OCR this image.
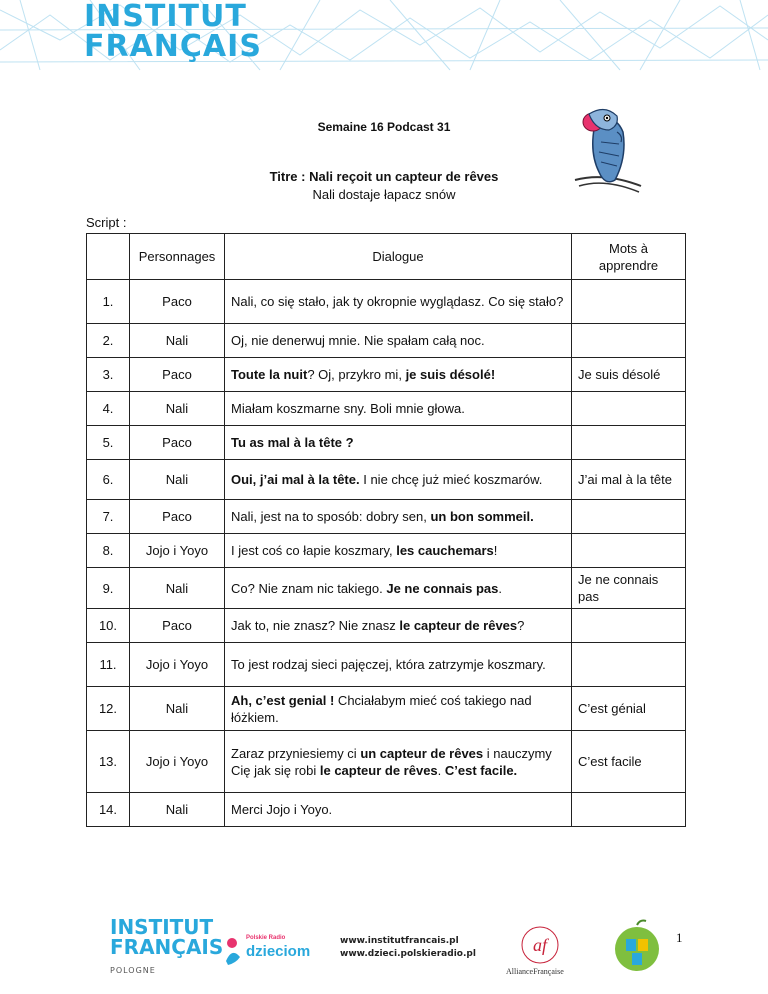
INSTITUT
FRANÇAIS
Semaine 16 Podcast 31
Titre : Nali reçoit un capteur de rêves
Nali dostaje łapacz snów
Script :
	Personnages	Dialogue	Mots à apprendre
1.	Paco	Nali, co się stało, jak ty okropnie wyglądasz. Co się stało?	
2.	Nali	Oj, nie denerwuj mnie. Nie spałam całą noc.	
3.	Paco	Toute la nuit? Oj, przykro mi, je suis désolé!	Je suis désolé
4.	Nali	Miałam koszmarne sny. Boli mnie głowa.	
5.	Paco	Tu as mal à la tête ?	
6.	Nali	Oui, j’ai mal à la tête. I nie chcę już mieć koszmarów.	J’ai mal à la tête
7.	Paco	Nali, jest na to sposób: dobry sen, un bon sommeil.	
8.	Jojo i Yoyo	I jest coś co łapie koszmary, les cauchemars!	
9.	Nali	Co? Nie znam nic takiego. Je ne connais pas.	Je ne connais pas
10.	Paco	Jak to, nie znasz? Nie znasz le capteur de rêves?	
11.	Jojo i Yoyo	To jest rodzaj sieci pajęczej, która zatrzymje koszmary.	
12.	Nali	Ah, c’est genial ! Chciałabym mieć coś takiego nad łóżkiem.	C’est génial
13.	Jojo i Yoyo	Zaraz przyniesiemy ci un capteur de rêves i nauczymy Cię jak się robi le capteur de rêves. C’est facile.	C’est facile
14.	Nali	Merci Jojo i Yoyo.	
INSTITUT
FRANÇAIS
POLOGNE
Polskie Radio
dzieciom
www.institutfrancais.pl
www.dzieci.polskieradio.pl	af
AllianceFrançaise
1
